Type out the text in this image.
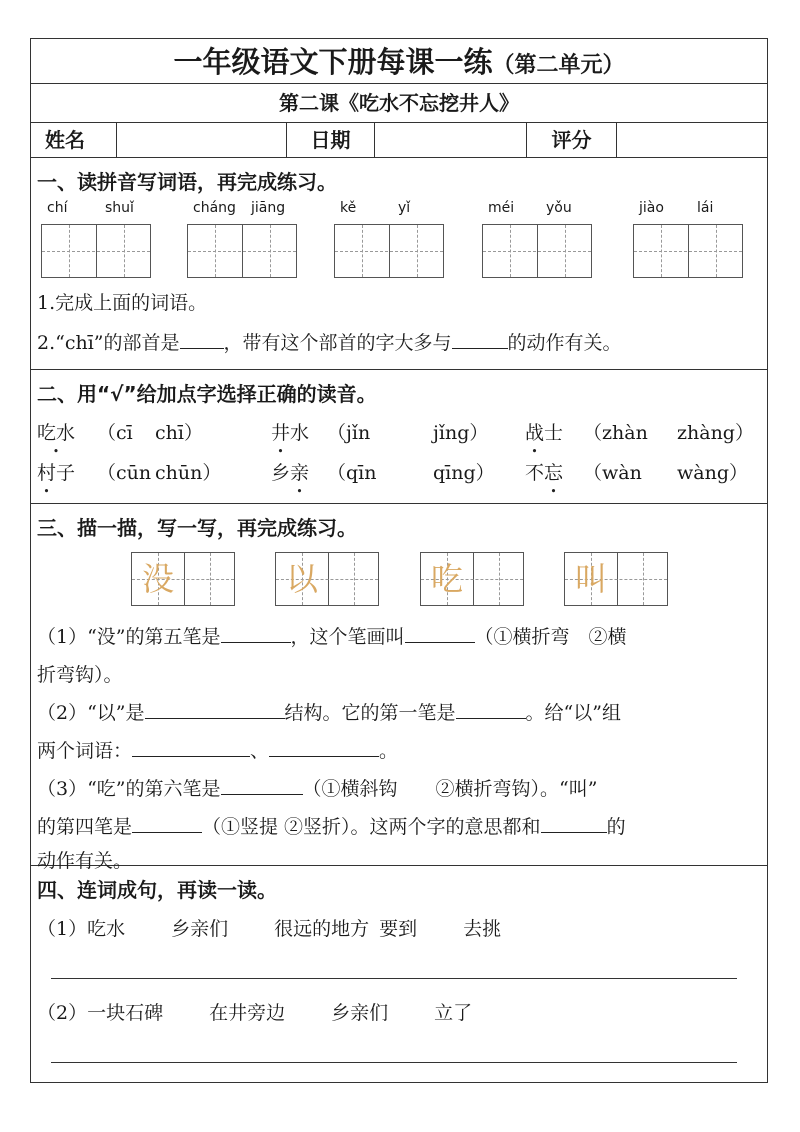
一年级语文下册每课一练（第二单元）
第二课《吃水不忘挖井人》
姓名	日期	评分
一、读拼音写词语，再完成练习。
chí	shuǐ	cháng jiāng	kě	yǐ	méi yǒu	jiào lái
1.完成上面的词语。
2.“chī”的部首是 ，带有这个部首的字大多与	的动作有关。
二、用“√”给加点字选择正确的读音。
吃水 （cī chī）	井水 （jǐn	jǐng） 战士 （zhàn zhàng）
村子 （cūn chūn）	乡亲 （qīn	qīng） 不忘 （wàn wàng）
三、描一描，写一写，再完成练习。
没	以	吃	叫
（1）“没”的第五笔是	，这个笔画叫	（①横折弯　②横
折弯钩）。
（2）“以”是	结构。它的第一笔是	。给“以”组
两个词语：	、	。
（3）“吃”的第六笔是	（①横斜钩　　②横折弯钩）。“叫”
的第四笔是	（①竖提 ②竖折）。这两个字的意思都和	的
动作有关。
四、连词成句，再读一读。
（1）吃水 乡亲们 很远的地方 要到 去挑
（2）一块石碑 在井旁边 乡亲们 立了
